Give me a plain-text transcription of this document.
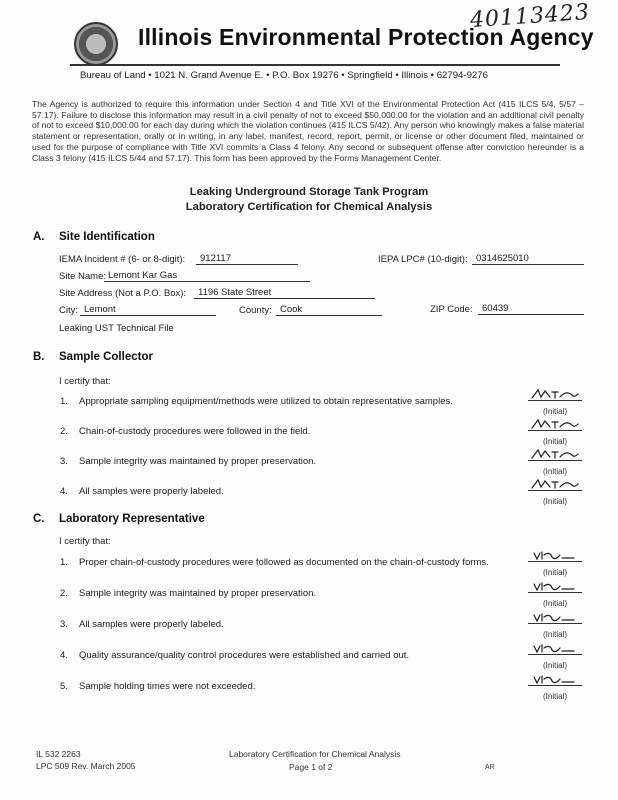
40113423
Illinois Environmental Protection Agency
Bureau of Land • 1021 N. Grand Avenue E. • P.O. Box 19276 • Springfield • Illinois • 62794-9276
The Agency is authorized to require this information under Section 4 and Title XVI of the Environmental Protection Act (415 ILCS 5/4, 5/57 – 57.17). Failure to disclose this information may result in a civil penalty of not to exceed $50,000.00 for the violation and an additional civil penalty of not to exceed $10,000.00 for each day during which the violation continues (415 ILCS 5/42). Any person who knowingly makes a false material statement or representation, orally or in writing, in any label, manifest, record, report, permit, or license or other document filed, maintained or used for the purpose of compliance with Title XVI commits a Class 4 felony. Any second or subsequent offense after conviction hereunder is a Class 3 felony (415 ILCS 5/44 and 57.17). This form has been approved by the Forms Management Center.
Leaking Underground Storage Tank Program
Laboratory Certification for Chemical Analysis
A. Site Identification
IEMA Incident # (6- or 8-digit):	912117	IEPA LPC# (10-digit): 0314625010
Site Name: Lemont Kar Gas
Site Address (Not a P.O. Box):	1196 State Street
City: Lemont	County: Cook	ZIP Code: 60439
Leaking UST Technical File
B. Sample Collector
I certify that:
1.	Appropriate sampling equipment/methods were utilized to obtain representative samples.
(Initial)
2.	Chain-of-custody procedures were followed in the field.
(Initial)
3.	Sample integrity was maintained by proper preservation.
(Initial)
4.	All samples were properly labeled.
(Initial)
C. Laboratory Representative
I certify that:
1.	Proper chain-of-custody procedures were followed as documented on the chain-of-custody forms.
(Initial)
2.	Sample integrity was maintained by proper preservation.
(Initial)
3.	All samples were properly labeled.
(Initial)
4.	Quality assurance/quality control procedures were established and carried out.
(Initial)
5.	Sample holding times were not exceeded.
(Initial)
IL 532 2263
LPC 509 Rev. March 2005
Laboratory Certification for Chemical Analysis
Page 1 of 2	AR
